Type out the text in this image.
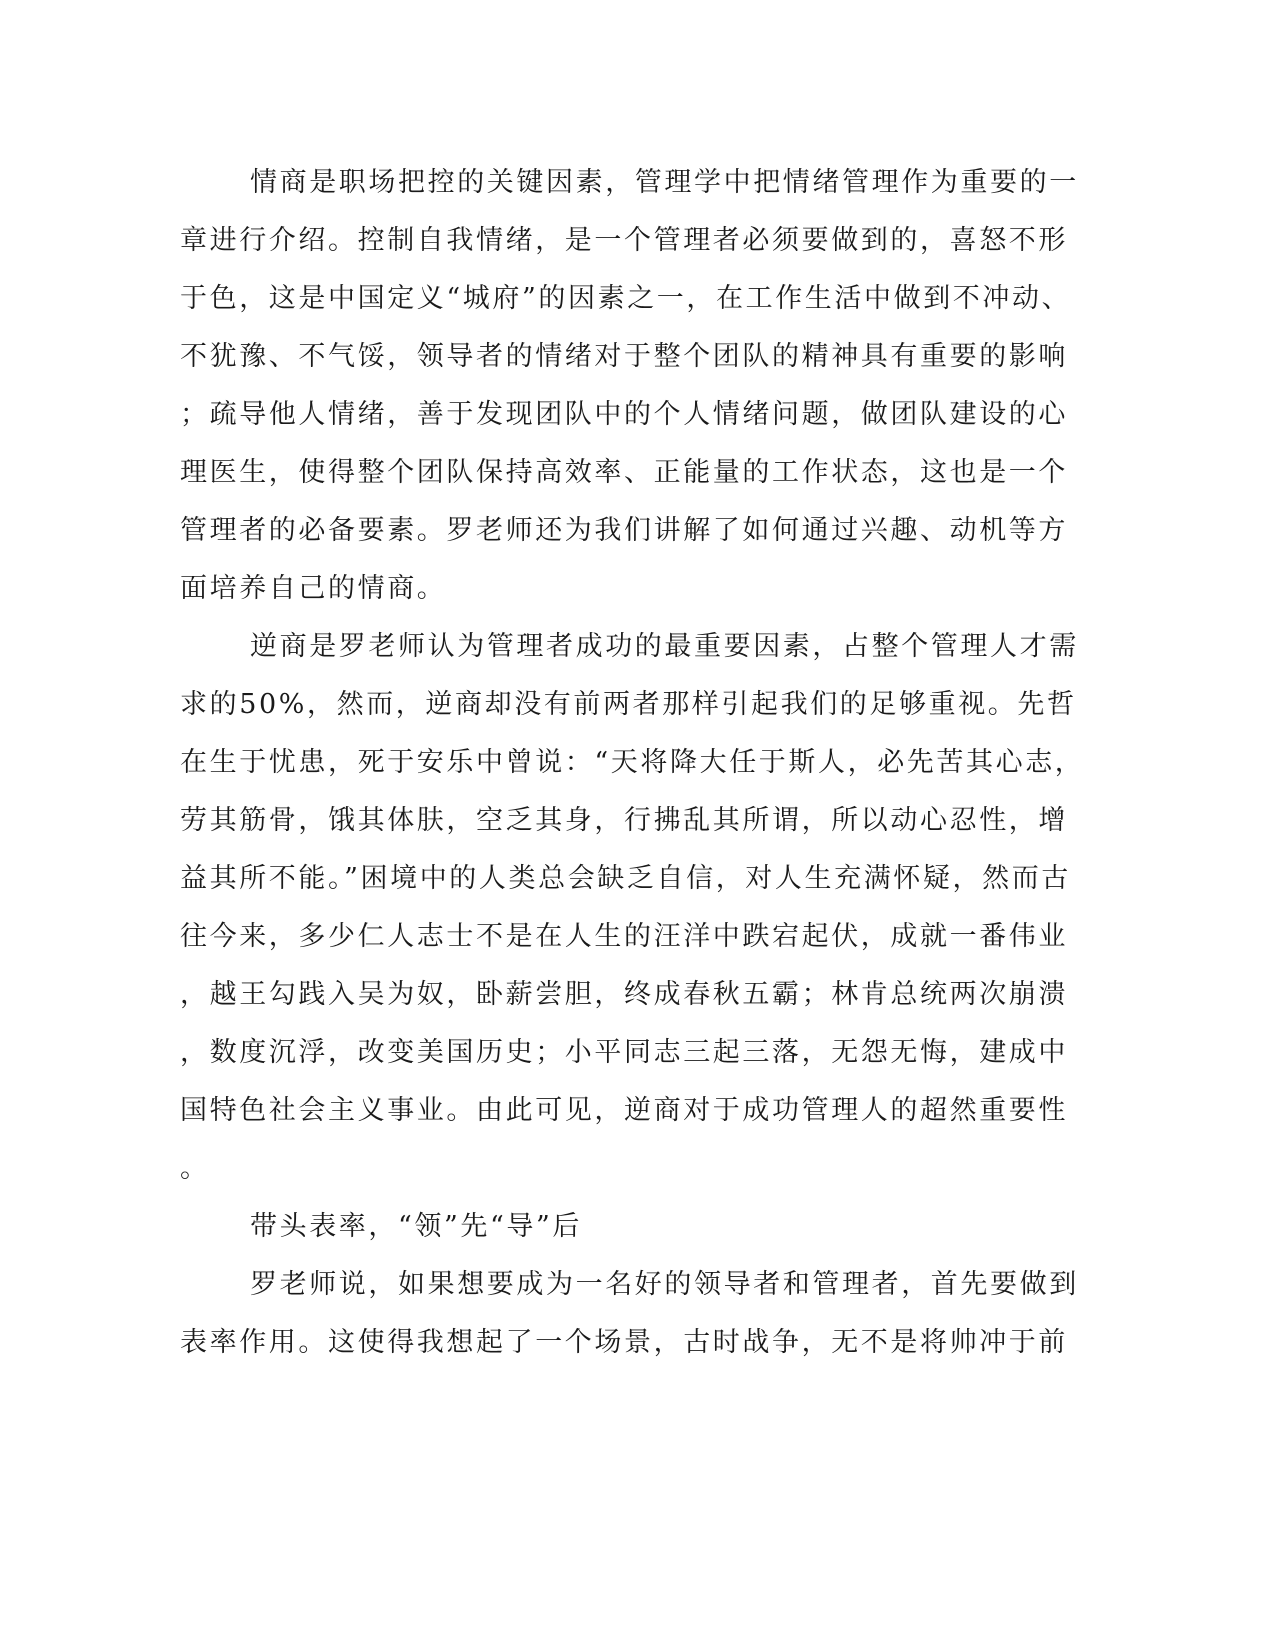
情商是职场把控的关键因素，管理学中把情绪管理作为重要的一
章进行介绍。控制自我情绪，是一个管理者必须要做到的，喜怒不形
于色，这是中国定义“城府”的因素之一，在工作生活中做到不冲动、
不犹豫、不气馁，领导者的情绪对于整个团队的精神具有重要的影响
；疏导他人情绪，善于发现团队中的个人情绪问题，做团队建设的心
理医生，使得整个团队保持高效率、正能量的工作状态，这也是一个
管理者的必备要素。罗老师还为我们讲解了如何通过兴趣、动机等方
面培养自己的情商。
逆商是罗老师认为管理者成功的最重要因素，占整个管理人才需
求的50%，然而，逆商却没有前两者那样引起我们的足够重视。先哲
在生于忧患，死于安乐中曾说：“天将降大任于斯人，必先苦其心志，
劳其筋骨，饿其体肤，空乏其身，行拂乱其所谓，所以动心忍性，增
益其所不能。”困境中的人类总会缺乏自信，对人生充满怀疑，然而古
往今来，多少仁人志士不是在人生的汪洋中跌宕起伏，成就一番伟业
，越王勾践入吴为奴，卧薪尝胆，终成春秋五霸；林肯总统两次崩溃
，数度沉浮，改变美国历史；小平同志三起三落，无怨无悔，建成中
国特色社会主义事业。由此可见，逆商对于成功管理人的超然重要性
。
带头表率，“领”先“导”后
罗老师说，如果想要成为一名好的领导者和管理者，首先要做到
表率作用。这使得我想起了一个场景，古时战争，无不是将帅冲于前
